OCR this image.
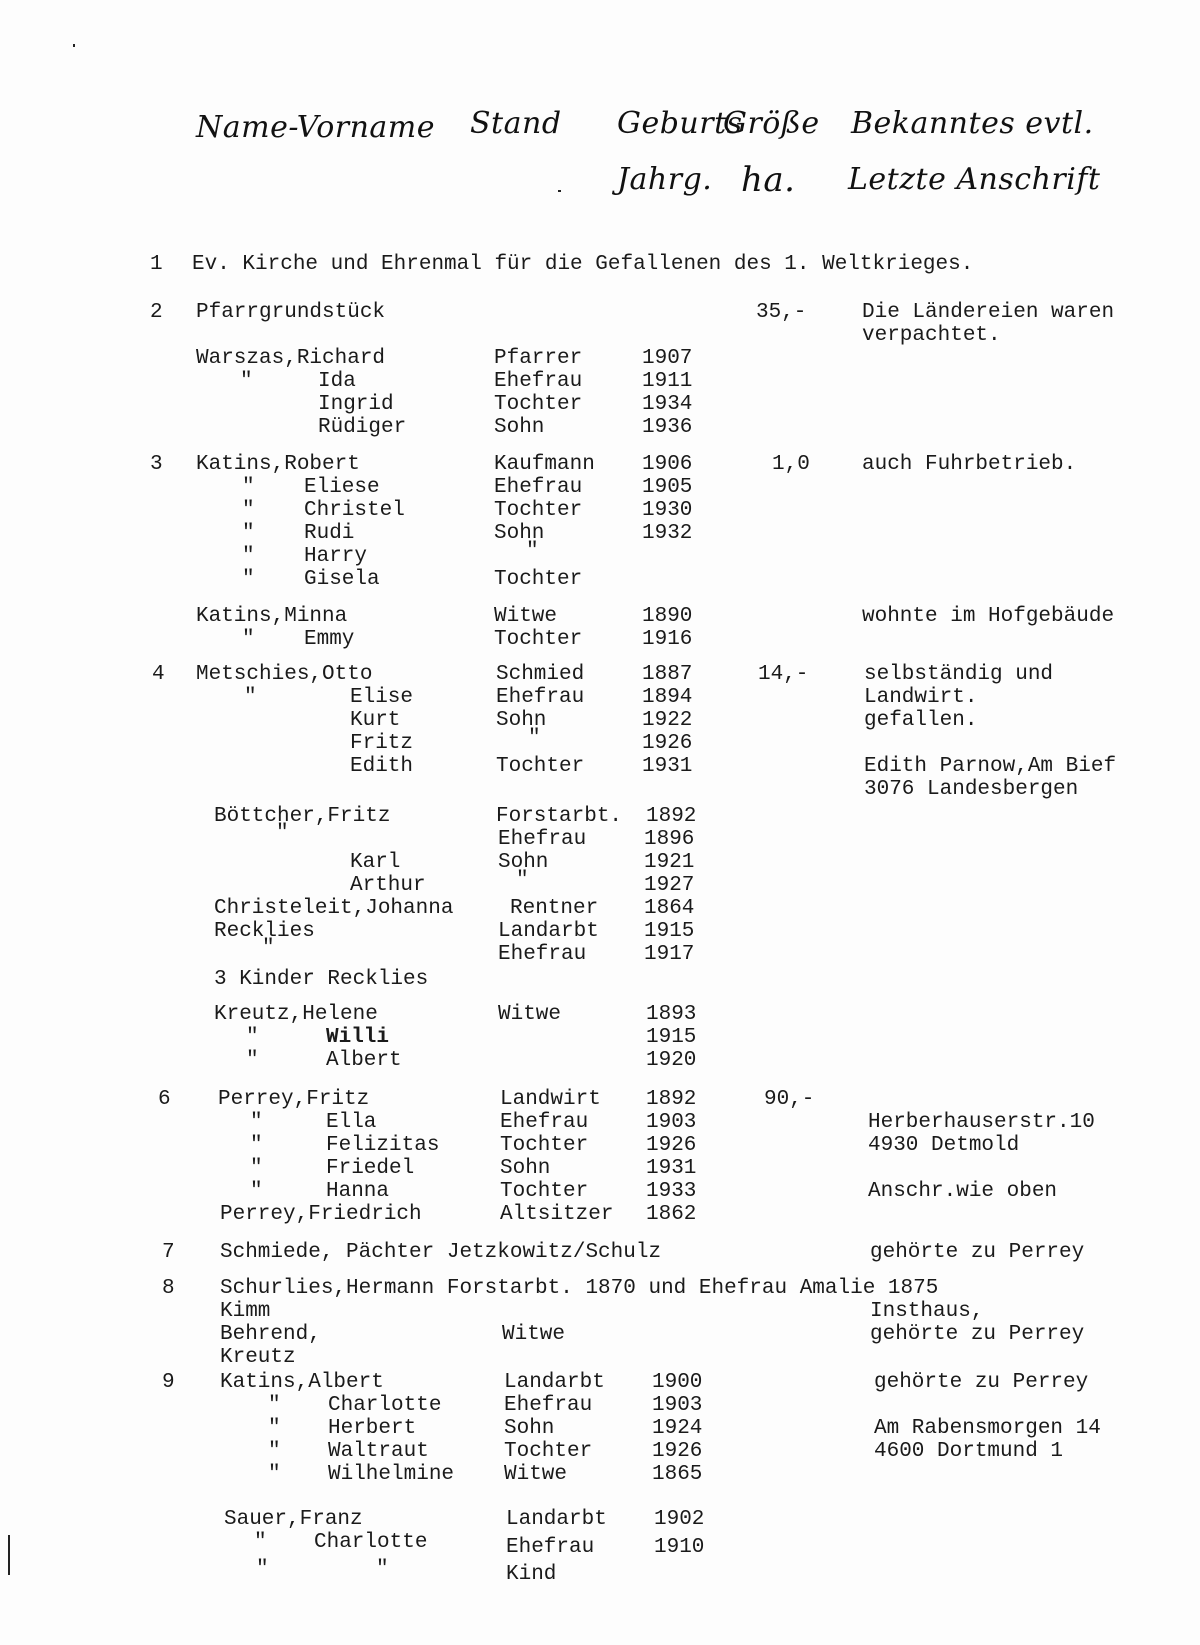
Name-Vorname Stand Geburts
Größe Bekanntes evtl.
Jahrg. ha. Letzte Anschrift
1 Ev. Kirche und Ehrenmal für die Gefallenen des 1. Weltkrieges.
2 Pfarrgrundstück	35,-	Die Ländereien waren
verpachtet.
Warszas,Richard	Pfarrer	1907
"	Ida	Ehefrau	1911
Ingrid	Tochter	1934
Rüdiger	Sohn	1936
3 Katins,Robert	Kaufmann 1906	1,0 auch Fuhrbetrieb.
" Eliese	Ehefrau	1905
" Christel	Tochter	1930
" Rudi	Sohn	1932
" Harry	"
" Gisela	Tochter
Katins,Minna	Witwe	1890	wohnte im Hofgebäude
" Emmy	Tochter	1916
4 Metschies,Otto	Schmied	1887	14,-	selbständig und
"	Elise	Ehefrau	1894	Landwirt.
Kurt	Sohn	1922	gefallen.
Fritz	"	1926
Edith	Tochter	1931	Edith Parnow,Am Bief
3076 Landesbergen
Böttcher,Fritz	Forstarbt. 1892
"	Ehefrau	1896
Karl	Sohn	1921
Arthur	"	1927
Christeleit,Johanna	Rentner 1864
Recklies	Landarbt 1915
"	Ehefrau	1917
3 Kinder Recklies
Kreutz,Helene	Witwe	1893
"	Willi	1915
"	Albert	1920
6 Perrey,Fritz	Landwirt 1892	90,-
"	Ella	Ehefrau	1903	Herberhauserstr.10
"	Felizitas	Tochter	1926	4930 Detmold
"	Friedel	Sohn	1931
"	Hanna	Tochter	1933	Anschr.wie oben
Perrey,Friedrich	Altsitzer 1862
7 Schmiede, Pächter Jetzkowitz/Schulz	gehörte zu Perrey
8 Schurlies,Hermann Forstarbt. 1870 und Ehefrau Amalie 1875
Kimm	Insthaus,
Behrend,	Witwe	gehörte zu Perrey
Kreutz
9 Katins,Albert	Landarbt 1900	gehörte zu Perrey
" Charlotte	Ehefrau	1903
" Herbert	Sohn	1924	Am Rabensmorgen 14
" Waltraut	Tochter	1926	4600 Dortmund 1
" Wilhelmine Witwe	1865
Sauer,Franz	Landarbt 1902
" Charlotte	Ehefrau	1910
"	"	Kind
